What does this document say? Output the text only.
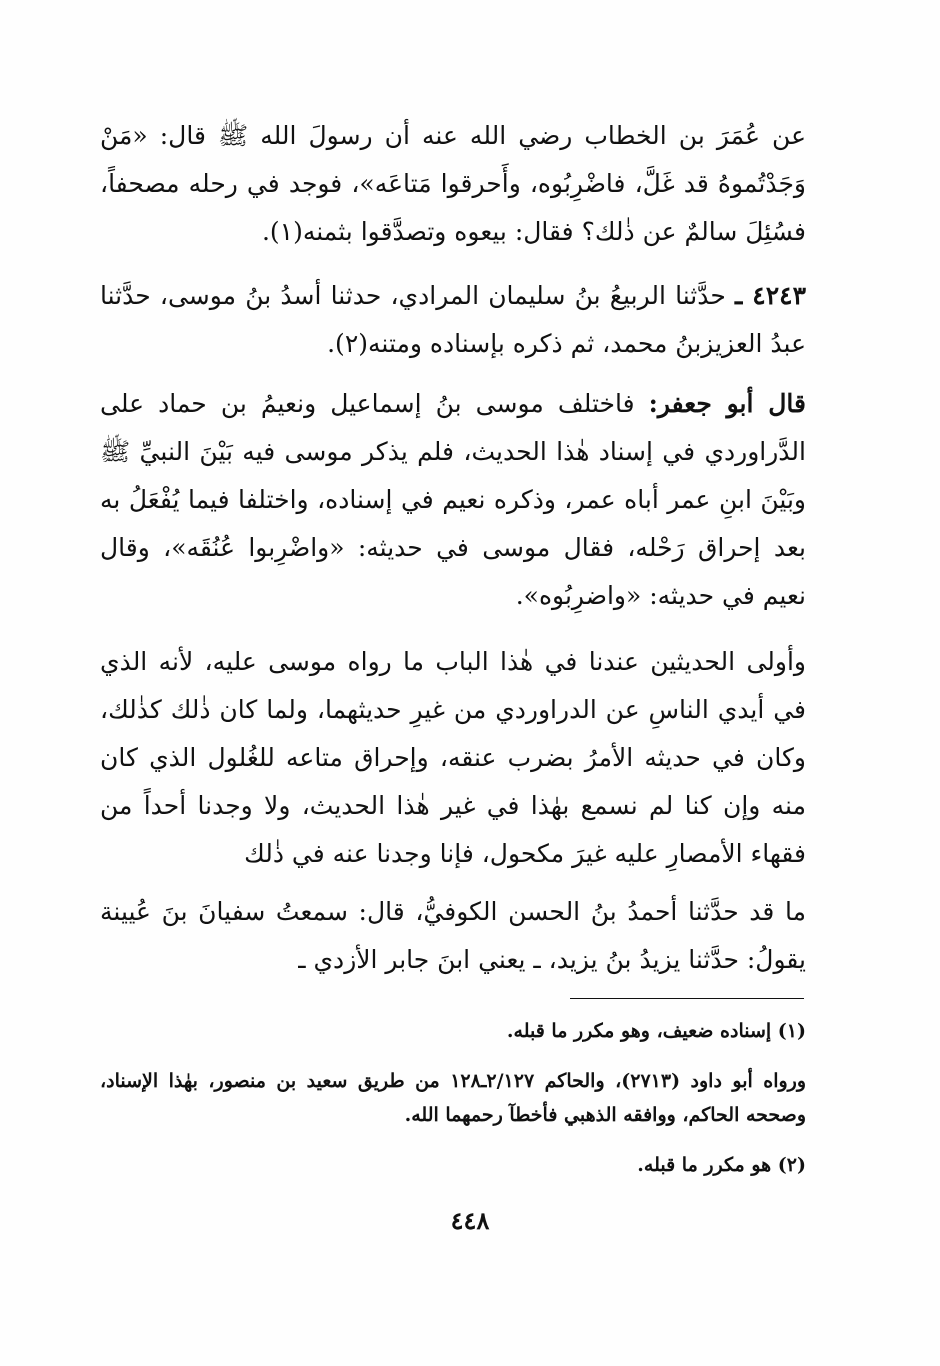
عن عُمَرَ بن الخطاب رضي الله عنه أن رسولَ الله ﷺ قال: «مَنْ وَجَدْتُموهُ قد غَلَّ، فاضْرِبُوه، وأَحرقوا مَتاعَه»، فوجد في رحله مصحفاً، فسُئِلَ سالمٌ عن ذٰلك؟ فقال: بيعوه وتصدَّقوا بثمنه(١).

٤٢٤٣ ـ حدَّثنا الربيعُ بنُ سليمان المرادي، حدثنا أسدُ بنُ موسى، حدَّثنا عبدُ العزيزبنُ محمد، ثم ذكره بإسناده ومتنه(٢).

قال أبو جعفر: فاختلف موسى بنُ إسماعيل ونعيمُ بن حماد على الدَّراوردي في إسناد هٰذا الحديث، فلم يذكر موسى فيه بَيْنَ النبيِّ ﷺ وبَيْنَ ابنِ عمر أباه عمر، وذكره نعيم في إسناده، واختلفا فيما يُفْعَلُ به بعد إحراق رَحْله، فقال موسى في حديثه: «واضْرِبوا عُنُقَه»، وقال نعيم في حديثه: «واضرِبُوه».

وأولى الحديثين عندنا في هٰذا الباب ما رواه موسى عليه، لأنه الذي في أيدي الناسِ عن الدراوردي من غيرِ حديثهما، ولما كان ذٰلك كذٰلك، وكان في حديثه الأمرُ بضرب عنقه، وإحراق متاعه للغُلول الذي كان منه وإن كنا لم نسمع بهٰذا في غير هٰذا الحديث، ولا وجدنا أحداً من فقهاء الأمصارِ عليه غيرَ مكحول، فإنا وجدنا عنه في ذٰلك

ما قد حدَّثنا أحمدُ بنُ الحسن الكوفيُّ، قال: سمعتُ سفيانَ بنَ عُيينة يقولُ: حدَّثنا يزيدُ بنُ يزيد، ـ يعني ابنَ جابر الأزدي ـ

(١) إسناده ضعيف، وهو مكرر ما قبله.

ورواه أبو داود (٢٧١٣)، والحاكم ٢/١٢٧ـ١٢٨ من طريق سعيد بن منصور، بهٰذا الإسناد، وصححه الحاكم، ووافقه الذهبي فأخطآ رحمهما الله.

(٢) هو مكرر ما قبله.

٤٤٨
